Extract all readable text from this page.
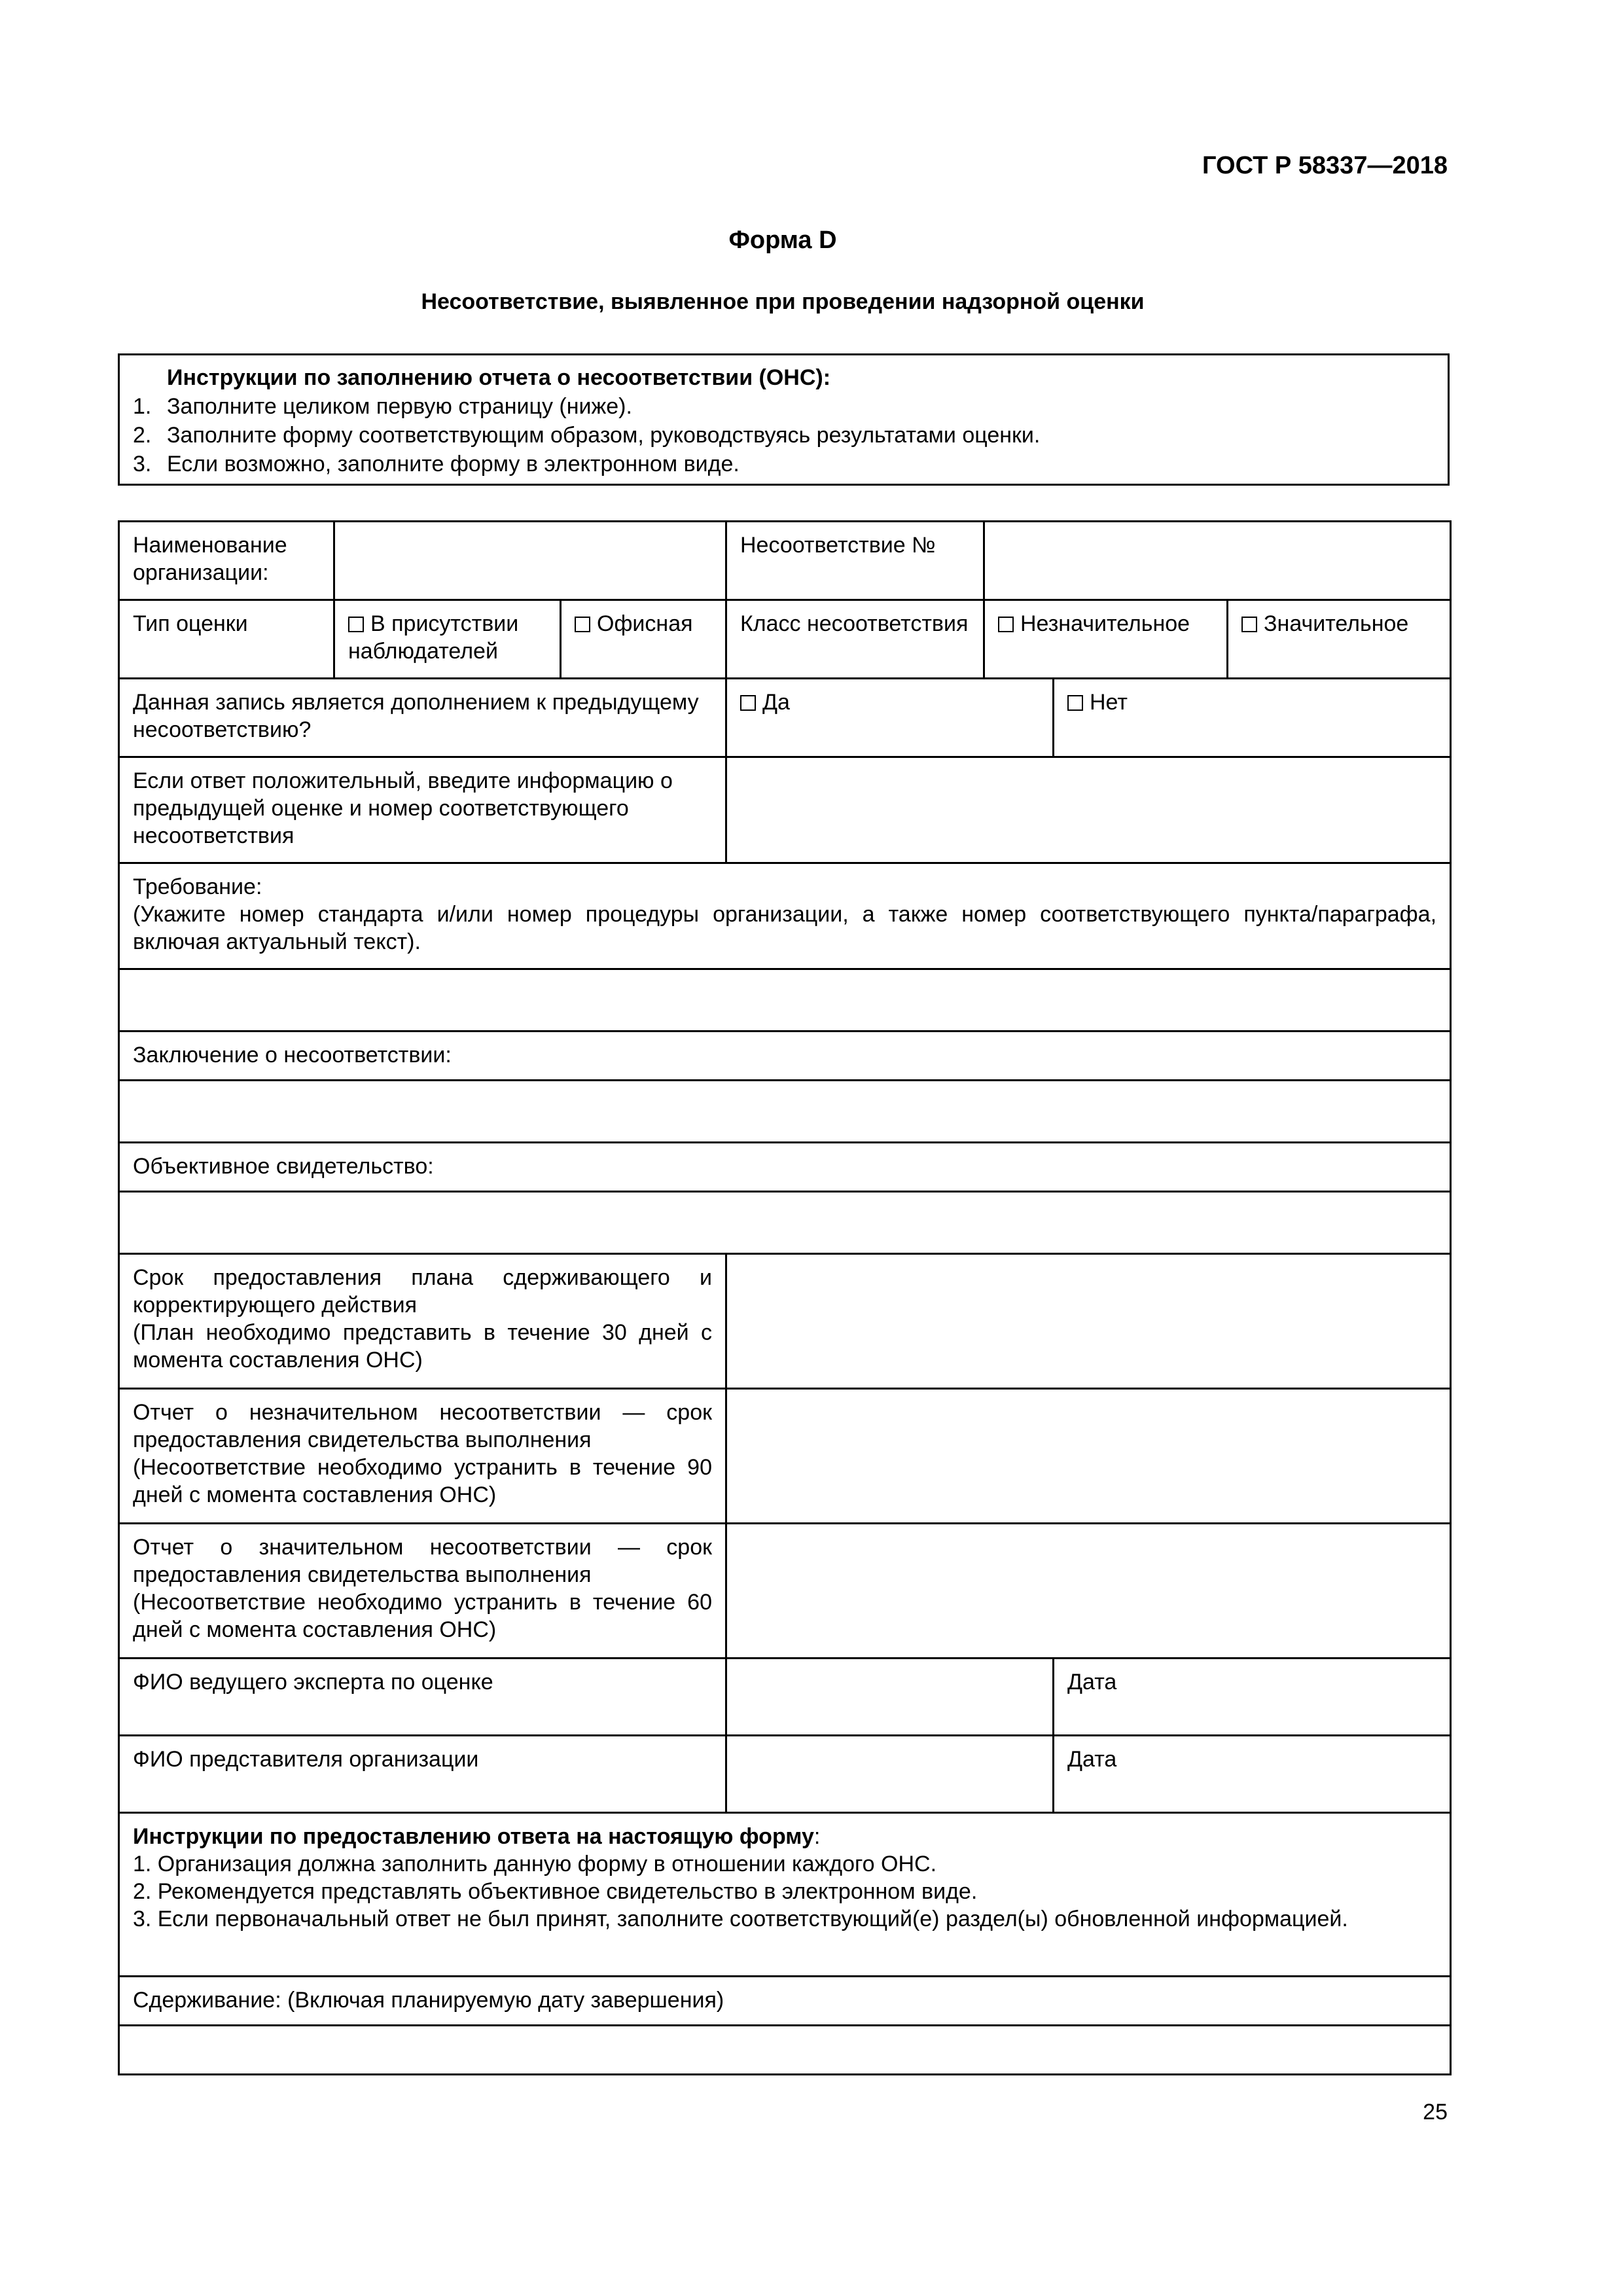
ГОСТ Р 58337—2018
Форма D
Несоответствие, выявленное при проведении надзорной оценки
Инструкции по заполнению отчета о несоответствии (ОНС):
1. Заполните целиком первую страницу (ниже).
2. Заполните форму соответствующим образом, руководствуясь результатами оценки.
3. Если возможно, заполните форму в электронном виде.
Наименование организации:			Несоответствие №			
Тип оценки	В присутствии наблюдателей	Офисная	Класс несоответствия	Незначительное		Значительное
Данная запись является дополнением к предыдущему несоответствию?			Да		Нет	
Если ответ положительный, введите информацию о предыдущей оценке и номер соответствующего несоответствия						

Требование:
(Укажите номер стандарта и/или номер процедуры организации, а также номер соответствующего пункта/параграфа, включая актуальный текст).						

Заключение о несоответствии:						

Объективное свидетельство:						

Срок предоставления плана сдерживающего и корректирующего действия
(План необходимо представить в течение 30 дней с момента составления ОНС)						

Отчет о незначительном несоответствии — срок предоставления свидетельства выполнения
(Несоответствие необходимо устранить в течение 90 дней с момента составления ОНС)						

Отчет о значительном несоответствии — срок предоставления свидетельства выполнения
(Несоответствие необходимо устранить в течение 60 дней с момента составления ОНС)						

ФИО ведущего эксперта по оценке					Дата	
ФИО представителя организации					Дата	

Инструкции по предоставлению ответа на настоящую форму:
1. Организация должна заполнить данную форму в отношении каждого ОНС.
2. Рекомендуется представлять объективное свидетельство в электронном виде.
3. Если первоначальный ответ не был принят, заполните соответствующий(е) раздел(ы) обновленной информацией.						

Сдерживание: (Включая планируемую дату завершения)						

25
